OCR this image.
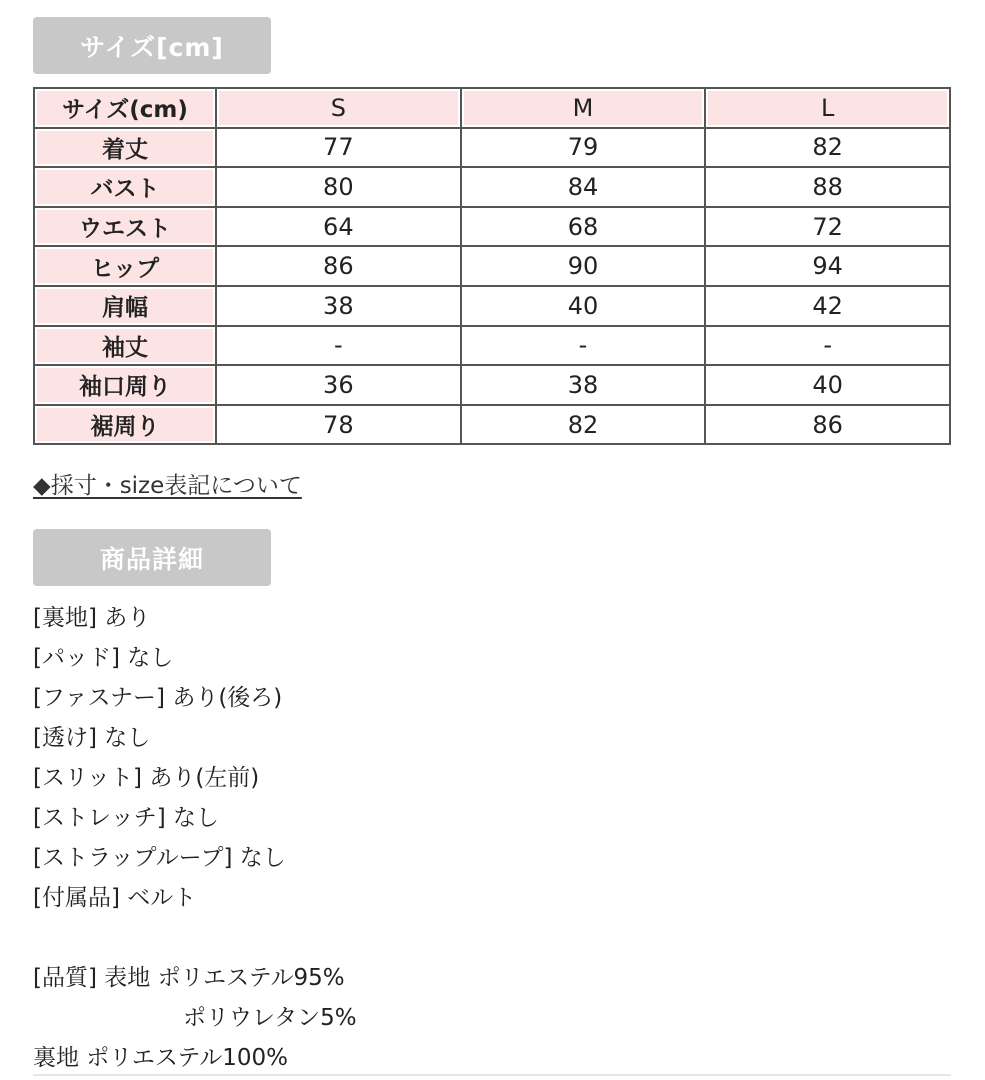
サイズ[cm]
サイズ(cm)	S	M	L
着丈	77	79	82
バスト	80	84	88
ウエスト	64	68	72
ヒップ	86	90	94
肩幅	38	40	42
袖丈	-	-	-
袖口周り	36	38	40
裾周り	78	82	86
◆採寸・size表記について
商品詳細
[裏地] あり
[パッド] なし
[ファスナー] あり(後ろ)
[透け] なし
[スリット] あり(左前)
[ストレッチ] なし
[ストラップループ] なし
[付属品] ベルト
[品質] 表地 ポリエステル95%
ポリウレタン5%
裏地 ポリエステル100%
